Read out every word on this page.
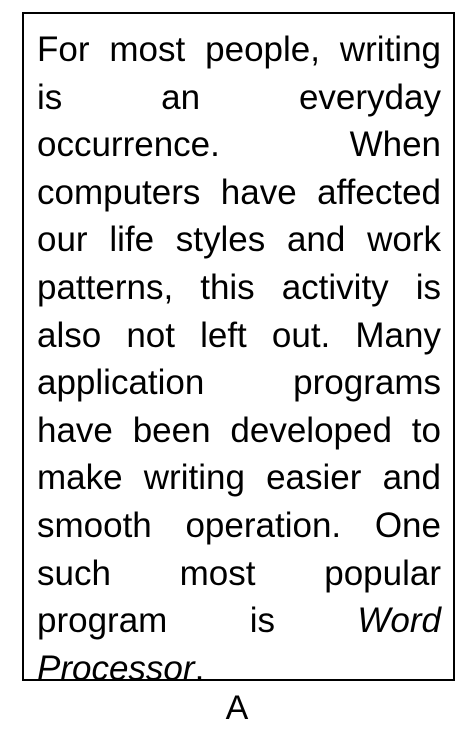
For most people, writing
is	an	everyday
occurrence.	When
computers have affected
our life styles and work
patterns, this activity is
also not left out. Many
application	programs
have been developed to
make writing easier and
smooth operation. One
such most popular
program is Word
Processor .
A
